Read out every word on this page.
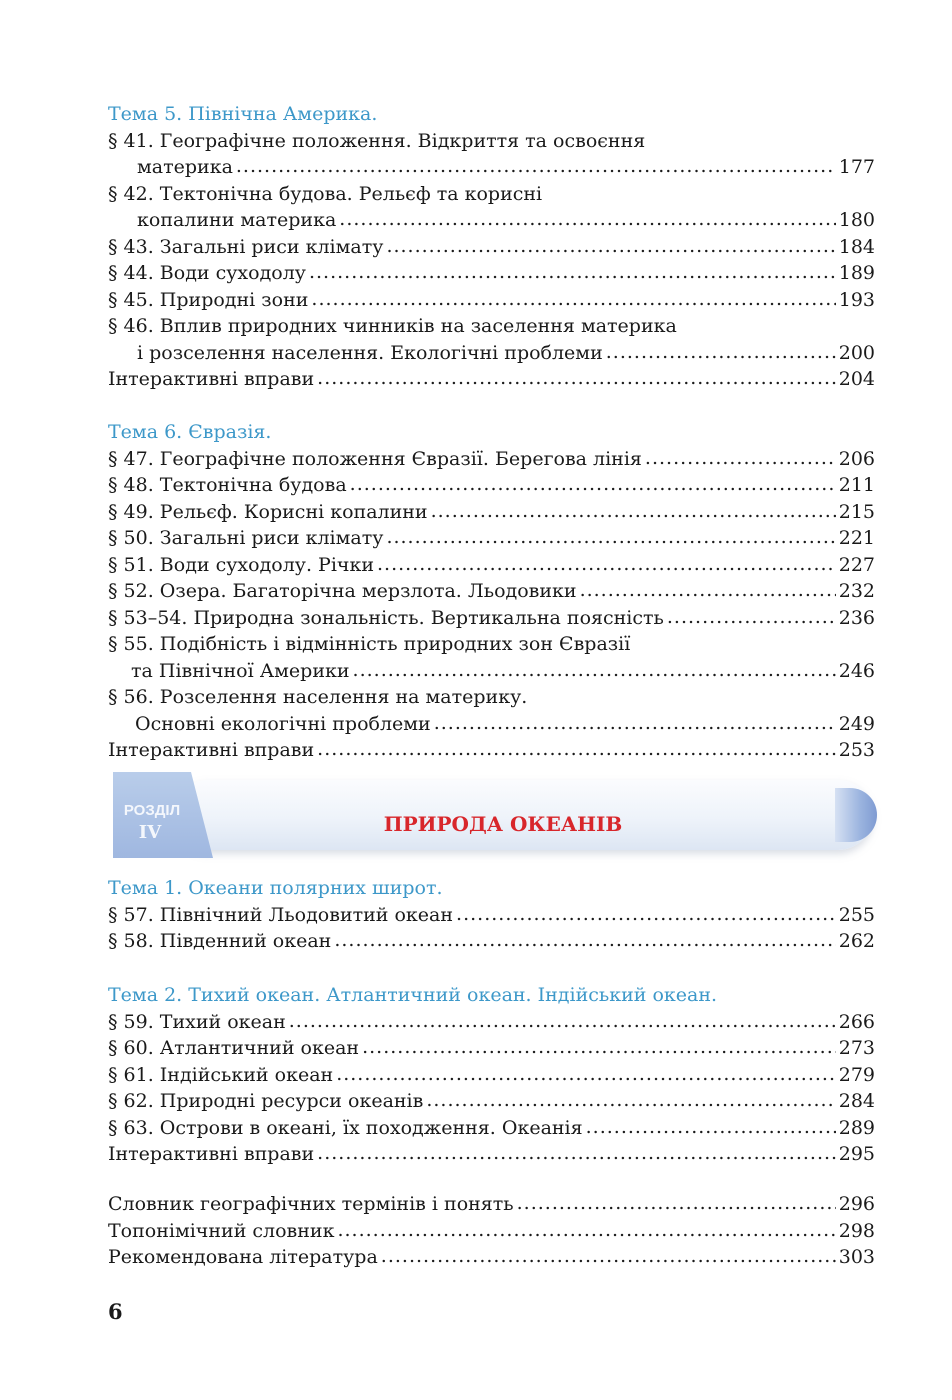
Тема 5. Північна Америка.
§ 41. Географічне положення. Відкриття та освоєння
материка .....	177
§ 42. Тектонічна будова. Рельєф та корисні
копалини материка .....	180
§ 43. Загальні риси клімату .....	184
§ 44. Води суходолу .....	189
§ 45. Природні зони .....	193
§ 46. Вплив природних чинників на заселення материка
і розселення населення. Екологічні проблеми .....	200
Інтерактивні вправи .....	204
Тема 6. Євразія.
§ 47. Географічне положення Євразії. Берегова лінія .....	206
§ 48. Тектонічна будова .....	211
§ 49. Рельєф. Корисні копалини .....	215
§ 50. Загальні риси клімату .....	221
§ 51. Води суходолу. Річки .....	227
§ 52. Озера. Багаторічна мерзлота. Льодовики .....	232
§ 53–54. Природна зональність. Вертикальна поясність .....	236
§ 55. Подібність і відмінність природних зон Євразії
та Північної Америки .....	246
§ 56. Розселення населення на материку.
Основні екологічні проблеми .....	249
Інтерактивні вправи .....	253
РОЗДІЛ
IV	ПРИРОДА ОКЕАНІВ
Тема 1. Океани полярних широт.
§ 57. Північний Льодовитий океан .....	255
§ 58. Південний океан .....	262
Тема 2. Тихий океан. Атлантичний океан. Індійський океан.
§ 59. Тихий океан .....	266
§ 60. Атлантичний океан .....	273
§ 61. Індійський океан .....	279
§ 62. Природні ресурси океанів .....	284
§ 63. Острови в океані, їх походження. Океанія .....	289
Інтерактивні вправи .....	295
Словник географічних термінів і понять .....	296
Топонімічний словник .....	298
Рекомендована література .....	303
6
